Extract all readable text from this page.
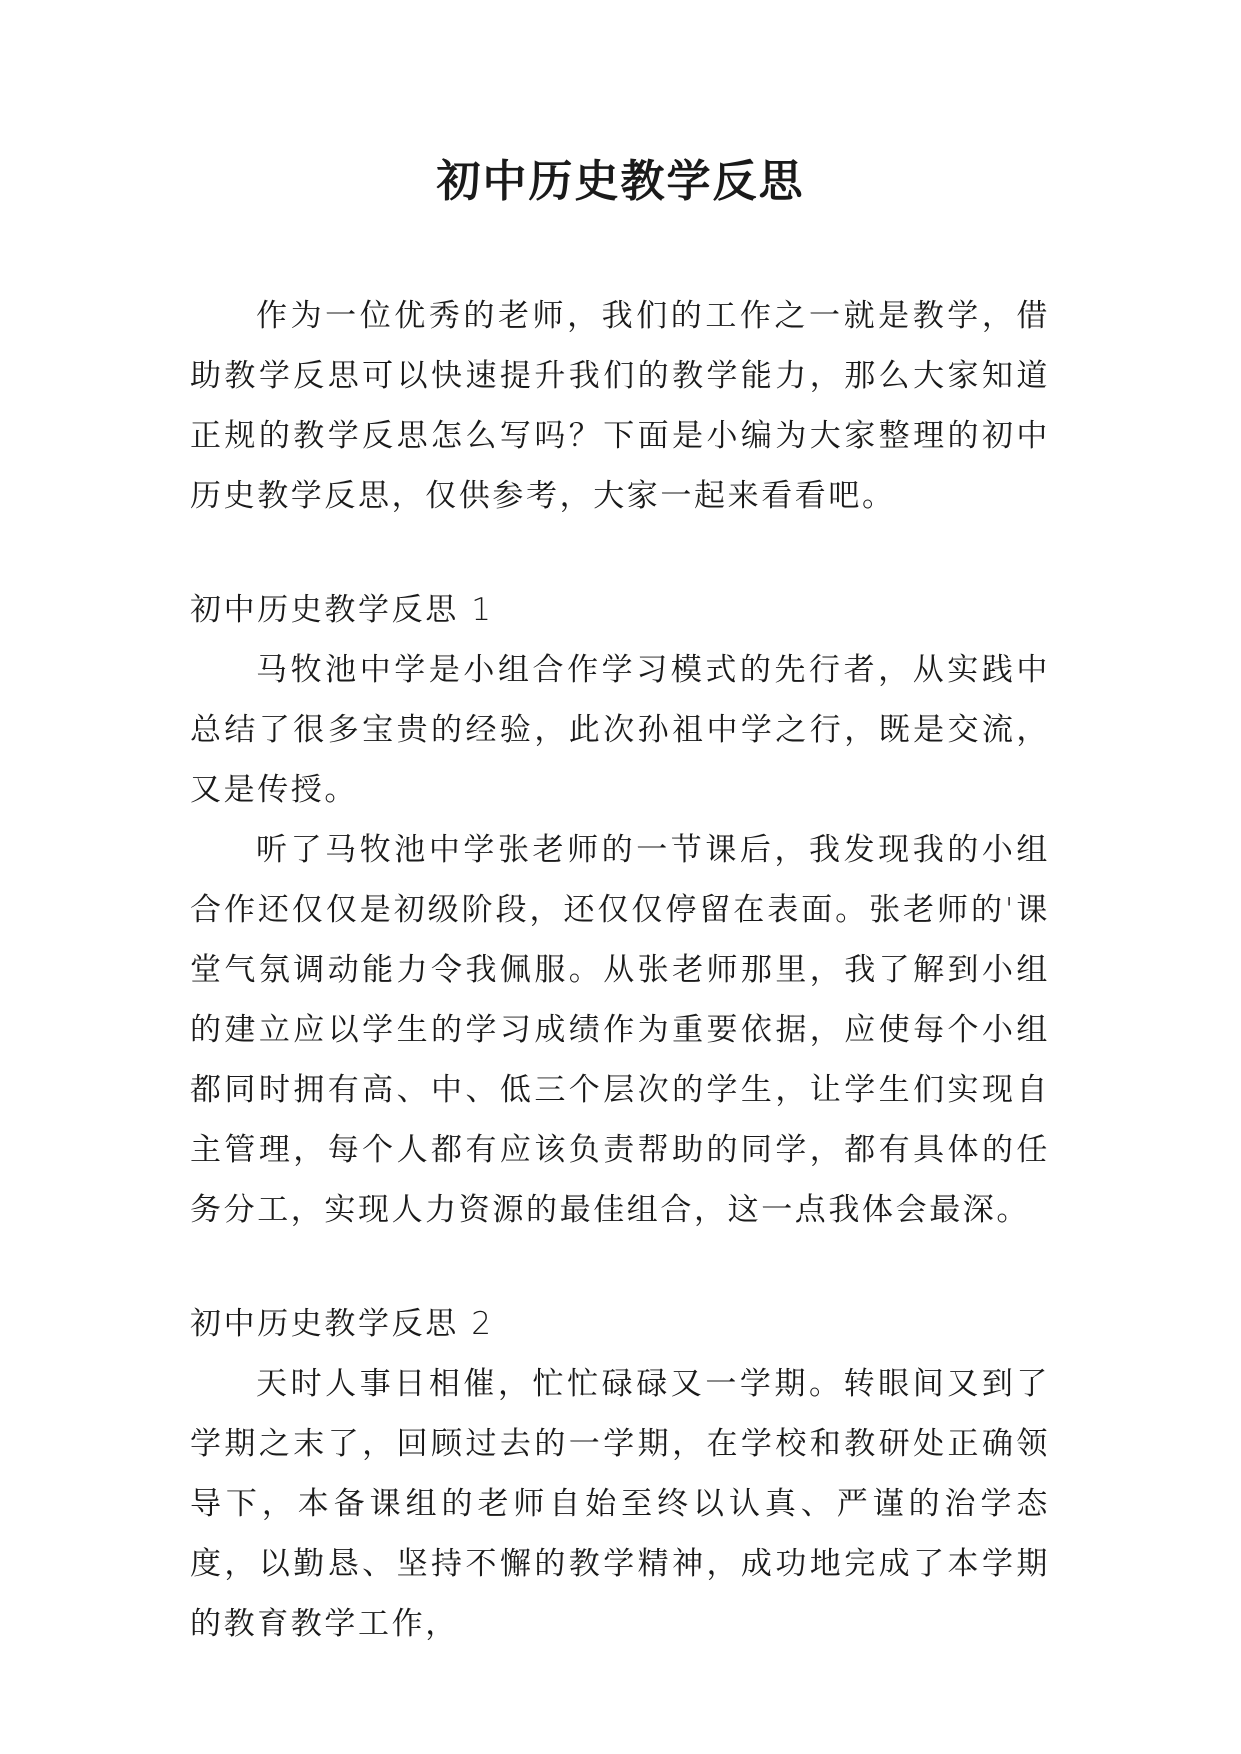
初中历史教学反思

作为一位优秀的老师，我们的工作之一就是教学，借助教学反思可以快速提升我们的教学能力，那么大家知道正规的教学反思怎么写吗？下面是小编为大家整理的初中历史教学反思，仅供参考，大家一起来看看吧。

初中历史教学反思 1

马牧池中学是小组合作学习模式的先行者，从实践中总结了很多宝贵的经验，此次孙祖中学之行，既是交流，又是传授。

听了马牧池中学张老师的一节课后，我发现我的小组合作还仅仅是初级阶段，还仅仅停留在表面。张老师的'课堂气氛调动能力令我佩服。从张老师那里，我了解到小组的建立应以学生的学习成绩作为重要依据，应使每个小组都同时拥有高、中、低三个层次的学生，让学生们实现自主管理，每个人都有应该负责帮助的同学，都有具体的任务分工，实现人力资源的最佳组合，这一点我体会最深。

初中历史教学反思 2

天时人事日相催，忙忙碌碌又一学期。转眼间又到了学期之末了，回顾过去的一学期，在学校和教研处正确领导下，本备课组的老师自始至终以认真、严谨的治学态度，以勤恳、坚持不懈的教学精神，成功地完成了本学期的教育教学工作，
